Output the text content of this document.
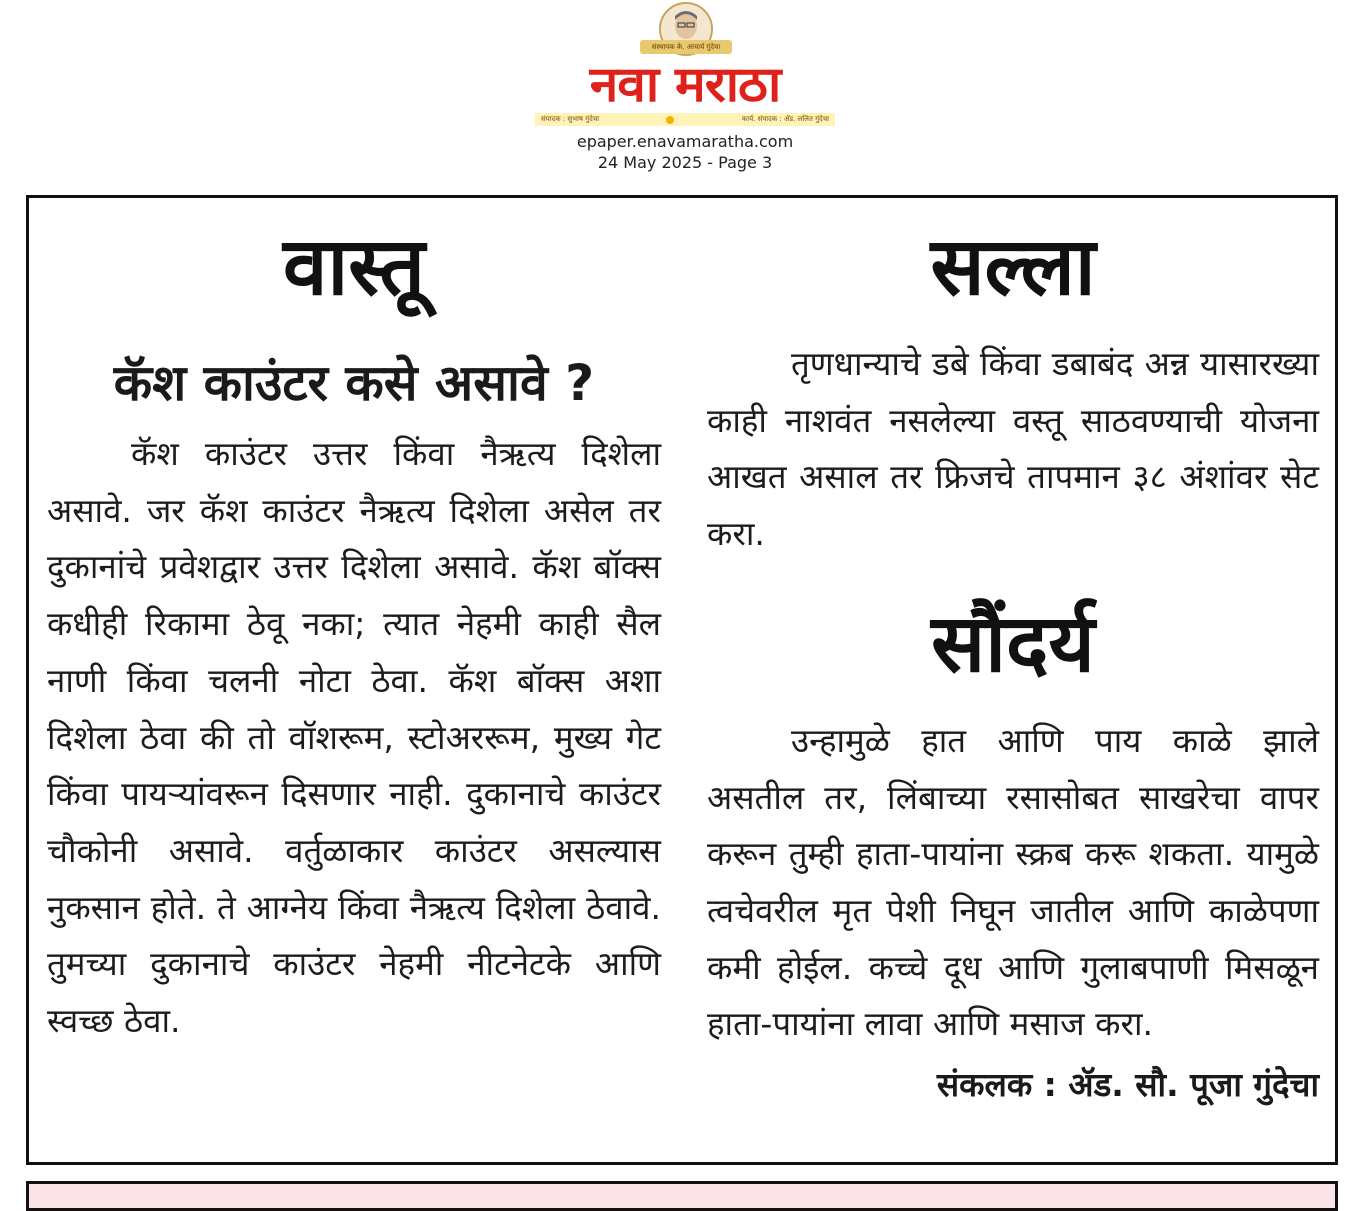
संस्थापक के. आचार्य गुंदेचा
नवा मराठा
संपादक : सुभाष गुंदेचा	कार्य. संपादक : ॲड. ललित गुंदेचा
epaper.enavamaratha.com
24 May 2025 - Page 3
वास्तू
कॅश काउंटर कसे असावे ?

कॅश काउंटर उत्तर किंवा नैऋत्य दिशेला असावे. जर कॅश काउंटर नैऋत्य दिशेला असेल तर दुकानांचे प्रवेशद्वार उत्तर दिशेला असावे. कॅश बॉक्स कधीही रिकामा ठेवू नका; त्यात नेहमी काही सैल नाणी किंवा चलनी नोटा ठेवा. कॅश बॉक्स अशा दिशेला ठेवा की तो वॉशरूम, स्टोअररूम, मुख्य गेट किंवा पायऱ्यांवरून दिसणार नाही. दुकानाचे काउंटर चौकोनी असावे. वर्तुळाकार काउंटर असल्यास नुकसान होते. ते आग्नेय किंवा नैऋत्य दिशेला ठेवावे. तुमच्या दुकानाचे काउंटर नेहमी नीटनेटके आणि स्वच्छ ठेवा.

सल्ला

तृणधान्याचे डबे किंवा डबाबंद अन्न यासारख्या काही नाशवंत नसलेल्या वस्तू साठवण्याची योजना आखत असाल तर फ्रिजचे तापमान ३८ अंशांवर सेट करा.

सौंदर्य

उन्हामुळे हात आणि पाय काळे झाले असतील तर, लिंबाच्या रसासोबत साखरेचा वापर करून तुम्ही हाता-पायांना स्क्रब करू शकता. यामुळे त्वचेवरील मृत पेशी निघून जातील आणि काळेपणा कमी होईल. कच्चे दूध आणि गुलाबपाणी मिसळून हाता-पायांना लावा आणि मसाज करा.

संकलक : ॲड. सौ. पूजा गुंदेचा
